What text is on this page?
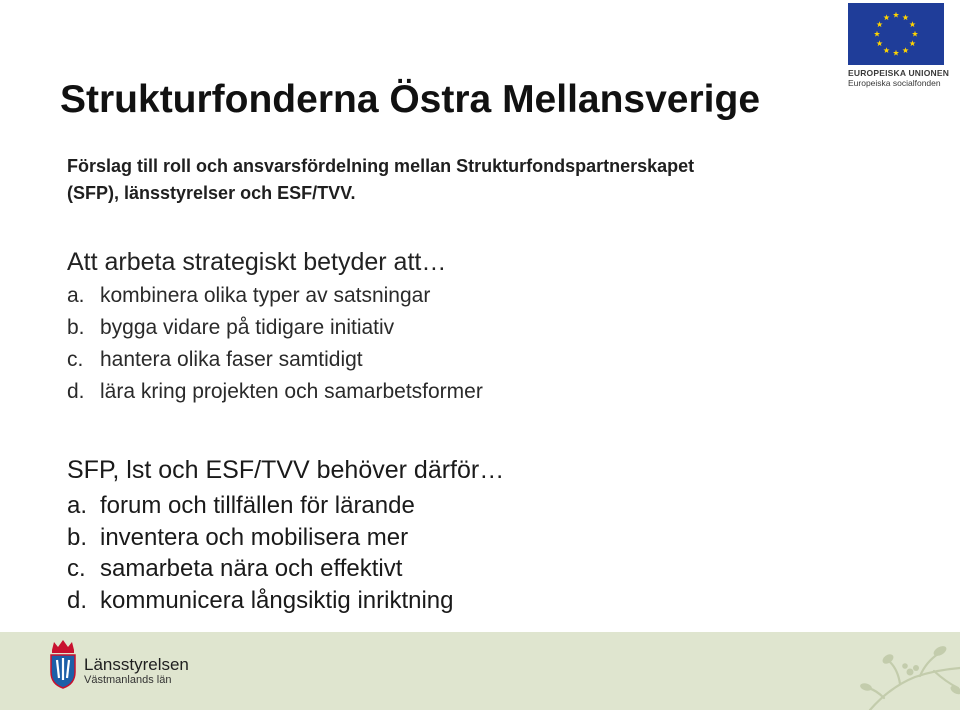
EUROPEISKA UNIONEN
Europeiska socialfonden
Strukturfonderna Östra Mellansverige

Förslag till roll och ansvarsfördelning mellan Strukturfondspartnerskapet
(SFP), länsstyrelser och ESF/TVV.

Att arbeta strategiskt betyder att…
a. kombinera olika typer av satsningar
b. bygga vidare på tidigare initiativ
c. hantera olika faser samtidigt
d. lära kring projekten och samarbetsformer
SFP, lst och ESF/TVV behöver därför…
a. forum och tillfällen för lärande
b. inventera och mobilisera mer
c. samarbeta nära och effektivt
d. kommunicera långsiktig inriktning
Länsstyrelsen
Västmanlands län
